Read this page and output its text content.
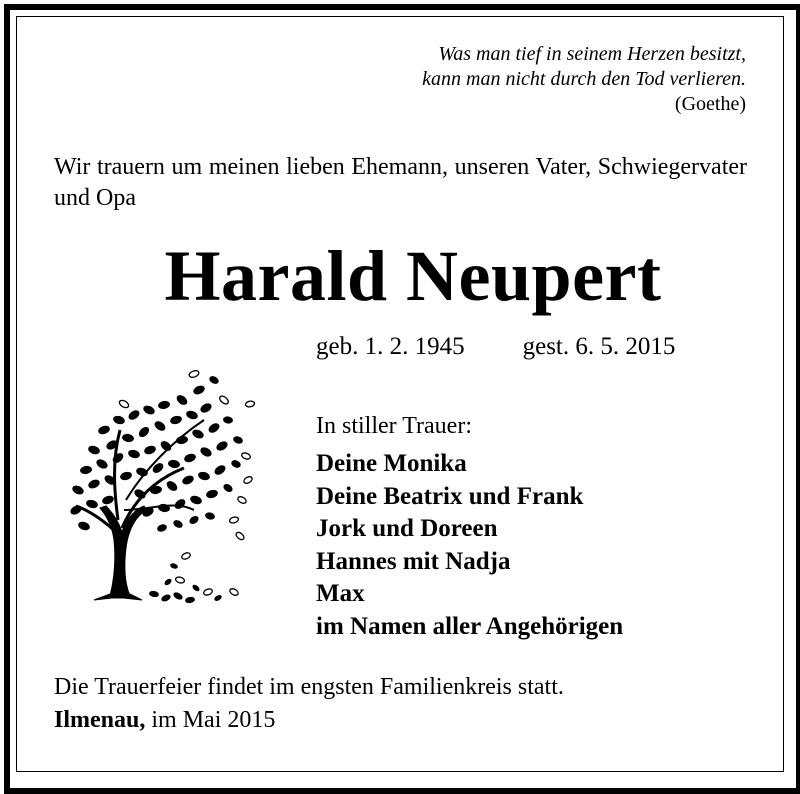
Was man tief in seinem Herzen besitzt,
kann man nicht durch den Tod verlieren.
(Goethe)
Wir trauern um meinen lieben Ehemann, unseren Vater, Schwiegervater und Opa
Harald Neupert
geb. 1. 2. 1945 gest. 6. 5. 2015
In stiller Trauer:
Deine Monika
Deine Beatrix und Frank
Jork und Doreen
Hannes mit Nadja
Max
im Namen aller Angehörigen
Die Trauerfeier findet im engsten Familienkreis statt.
Ilmenau, im Mai 2015
